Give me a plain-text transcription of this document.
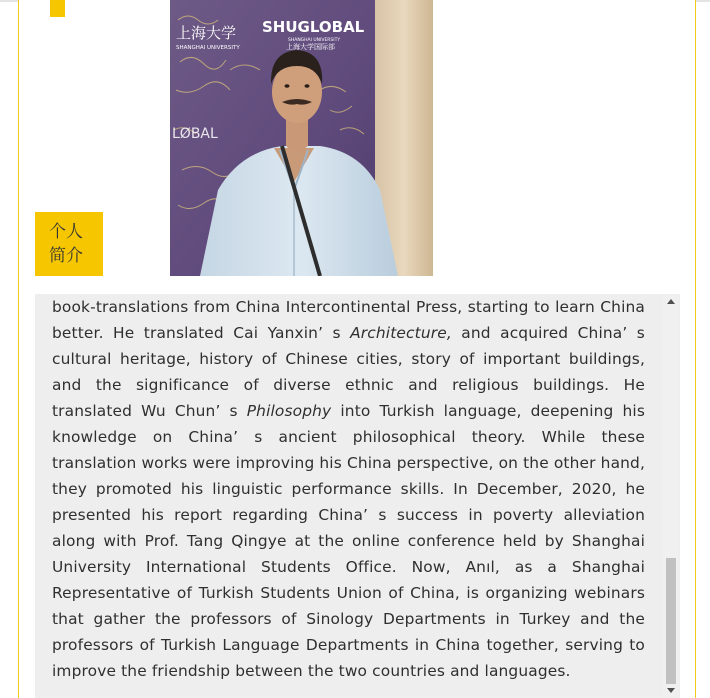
上海大学
SHANGHAI UNIVERSITY
LØBAL
SHUGLOBAL
SHANGHAI UNIVERSITY
上海大学国际部
个人
简介

book-translations from China Intercontinental Press, starting to learn China better. He translated Cai Yanxin’ s Architecture, and acquired China’ s cultural heritage, history of Chinese cities, story of important buildings, and the significance of diverse ethnic and religious buildings. He translated Wu Chun’ s Philosophy into Turkish language, deepening his knowledge on China’ s ancient philosophical theory. While these translation works were improving his China perspective, on the other hand, they promoted his linguistic performance skills. In December, 2020, he presented his report regarding China’ s success in poverty alleviation along with Prof. Tang Qingye at the online conference held by Shanghai University International Students Office. Now, Anıl, as a Shanghai Representative of Turkish Students Union of China, is organizing webinars that gather the professors of Sinology Departments in Turkey and the professors of Turkish Language Departments in China together, serving to improve the friendship between the two countries and languages.
